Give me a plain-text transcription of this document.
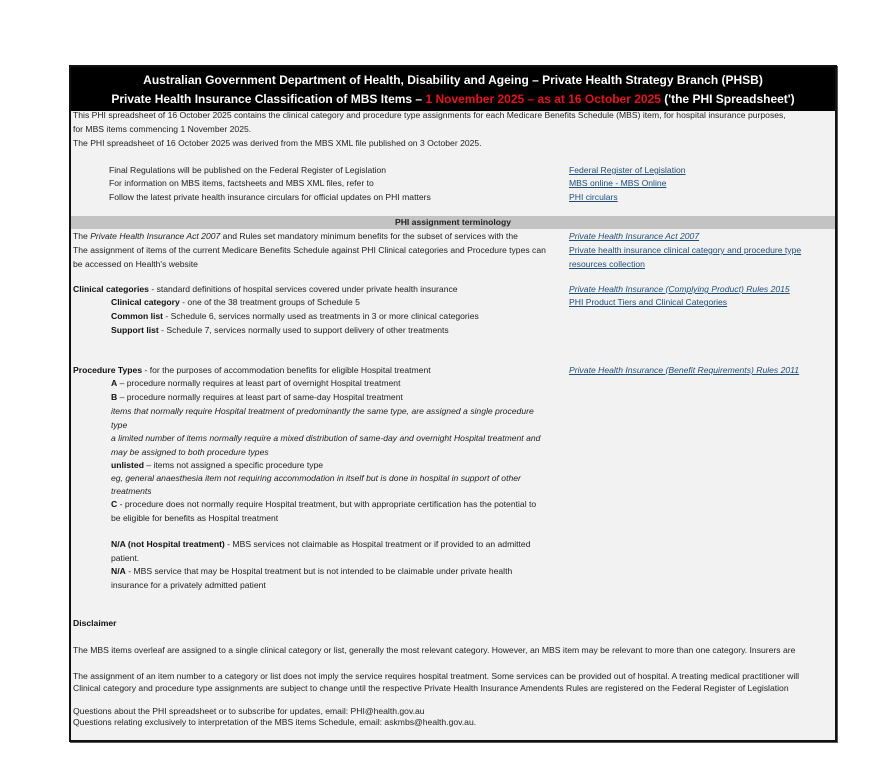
Australian Government Department of Health, Disability and Ageing – Private Health Strategy Branch (PHSB)
Private Health Insurance Classification of MBS Items – 1 November 2025 – as at 16 October 2025 ('the PHI Spreadsheet')
This PHI spreadsheet of 16 October 2025 contains the clinical category and procedure type assignments for each Medicare Benefits Schedule (MBS) item, for hospital insurance purposes,
for MBS items commencing 1 November 2025.
The PHI spreadsheet of 16 October 2025 was derived from the MBS XML file published on 3 October 2025.
Final Regulations will be published on the Federal Register of Legislation
For information on MBS items, factsheets and MBS XML files, refer to
Follow the latest private health insurance circulars for official updates on PHI matters
Federal Register of Legislation
MBS online - MBS Online
PHI circulars
PHI assignment terminology
The Private Health Insurance Act 2007 and Rules set mandatory minimum benefits for the subset of services with the
The assignment of items of the current Medicare Benefits Schedule against PHI Clinical categories and Procedure types can
be accessed on Health's website
Private Health Insurance Act 2007
Private health insurance clinical category and procedure type
resources collection
Clinical categories - standard definitions of hospital services covered under private health insurance
Clinical category - one of the 38 treatment groups of Schedule 5
Common list - Schedule 6, services normally used as treatments in 3 or more clinical categories
Support list - Schedule 7, services normally used to support delivery of other treatments
Private Health Insurance (Complying Product) Rules 2015
PHI Product Tiers and Clinical Categories
Procedure Types - for the purposes of accommodation benefits for eligible Hospital treatment	Private Health Insurance (Benefit Requirements) Rules 2011
A – procedure normally requires at least part of overnight Hospital treatment
B – procedure normally requires at least part of same-day Hospital treatment
items that normally require Hospital treatment of predominantly the same type, are assigned a single procedure
type
a limited number of items normally require a mixed distribution of same-day and overnight Hospital treatment and
may be assigned to both procedure types
unlisted – items not assigned a specific procedure type
eg, general anaesthesia item not requiring accommodation in itself but is done in hospital in support of other
treatments
C - procedure does not normally require Hospital treatment, but with appropriate certification has the potential to
be eligible for benefits as Hospital treatment
N/A (not Hospital treatment) - MBS services not claimable as Hospital treatment or if provided to an admitted
patient.
N/A - MBS service that may be Hospital treatment but is not intended to be claimable under private health
insurance for a privately admitted patient
Disclaimer
The MBS items overleaf are assigned to a single clinical category or list, generally the most relevant category. However, an MBS item may be relevant to more than one category. Insurers are
The assignment of an item number to a category or list does not imply the service requires hospital treatment. Some services can be provided out of hospital. A treating medical practitioner will
Clinical category and procedure type assignments are subject to change until the respective Private Health Insurance Amendents Rules are registered on the Federal Register of Legislation
Questions about the PHI spreadsheet or to subscribe for updates, email: PHI@health.gov.au
Questions relating exclusively to interpretation of the MBS items Schedule, email: askmbs@health.gov.au.
